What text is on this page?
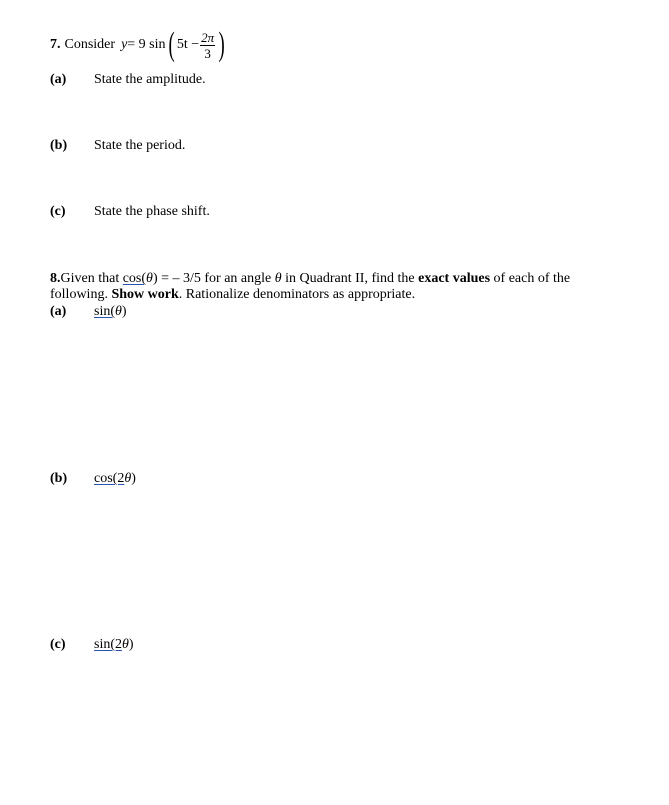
7. Consider y = 9 sin ( $5t - \frac{2\pi}{3}$ )
(a) State the amplitude.
(b) State the period.
(c) State the phase shift.
8.Given that cos(θ) = – 3/5 for an angle θ in Quadrant II, find the exact values of each of the
following. Show work. Rationalize denominators as appropriate.
(a) sin(θ)
(b) cos(2θ)
(c) sin(2θ)
